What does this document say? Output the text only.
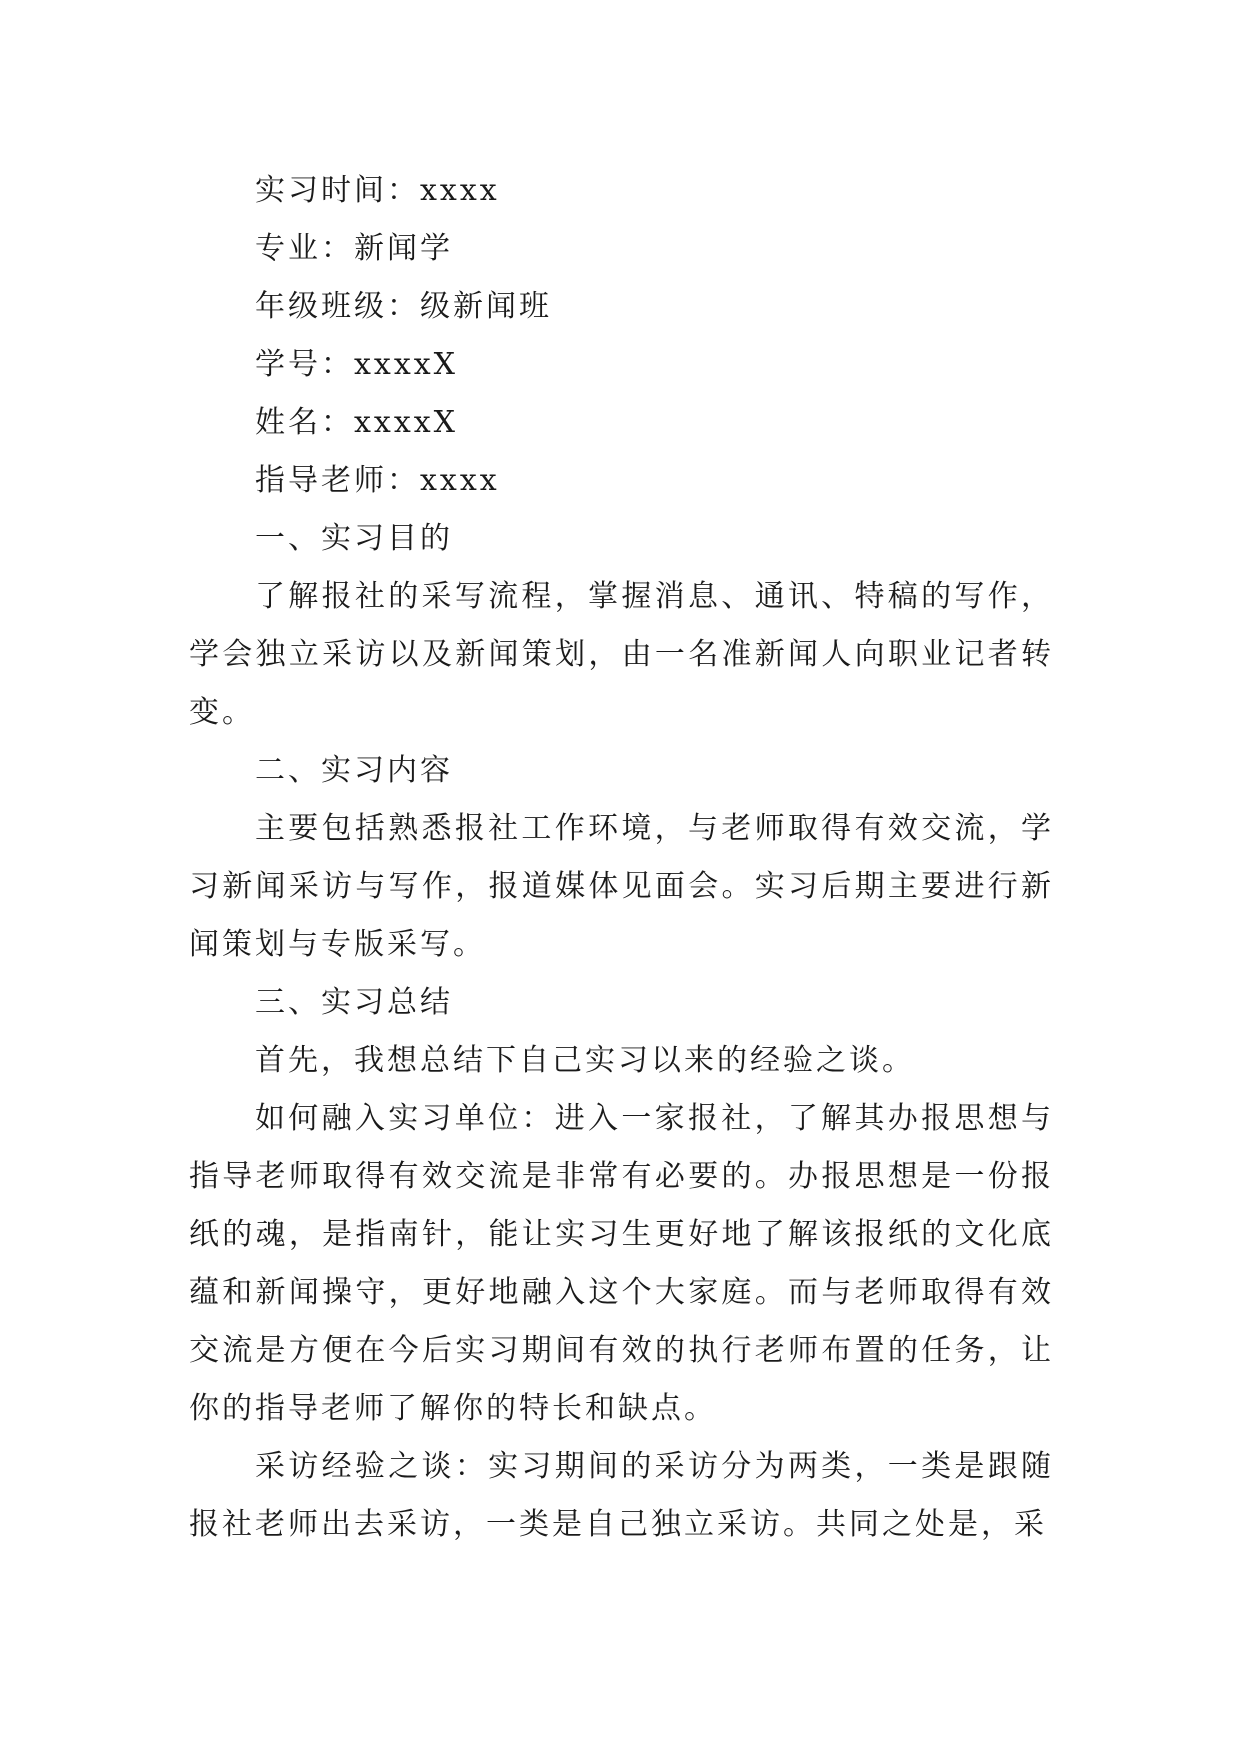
实习时间：xxxx
专业：新闻学
年级班级：级新闻班
学号：xxxxX
姓名：xxxxX
指导老师：xxxx
一、实习目的
了解报社的采写流程，掌握消息、通讯、特稿的写作，学会独立采访以及新闻策划，由一名准新闻人向职业记者转变。
二、实习内容
主要包括熟悉报社工作环境，与老师取得有效交流，学习新闻采访与写作，报道媒体见面会。实习后期主要进行新闻策划与专版采写。
三、实习总结
首先，我想总结下自己实习以来的经验之谈。
如何融入实习单位：进入一家报社，了解其办报思想与指导老师取得有效交流是非常有必要的。办报思想是一份报纸的魂，是指南针，能让实习生更好地了解该报纸的文化底蕴和新闻操守，更好地融入这个大家庭。而与老师取得有效交流是方便在今后实习期间有效的执行老师布置的任务，让你的指导老师了解你的特长和缺点。
采访经验之谈：实习期间的采访分为两类，一类是跟随报社老师出去采访，一类是自己独立采访。共同之处是，采
